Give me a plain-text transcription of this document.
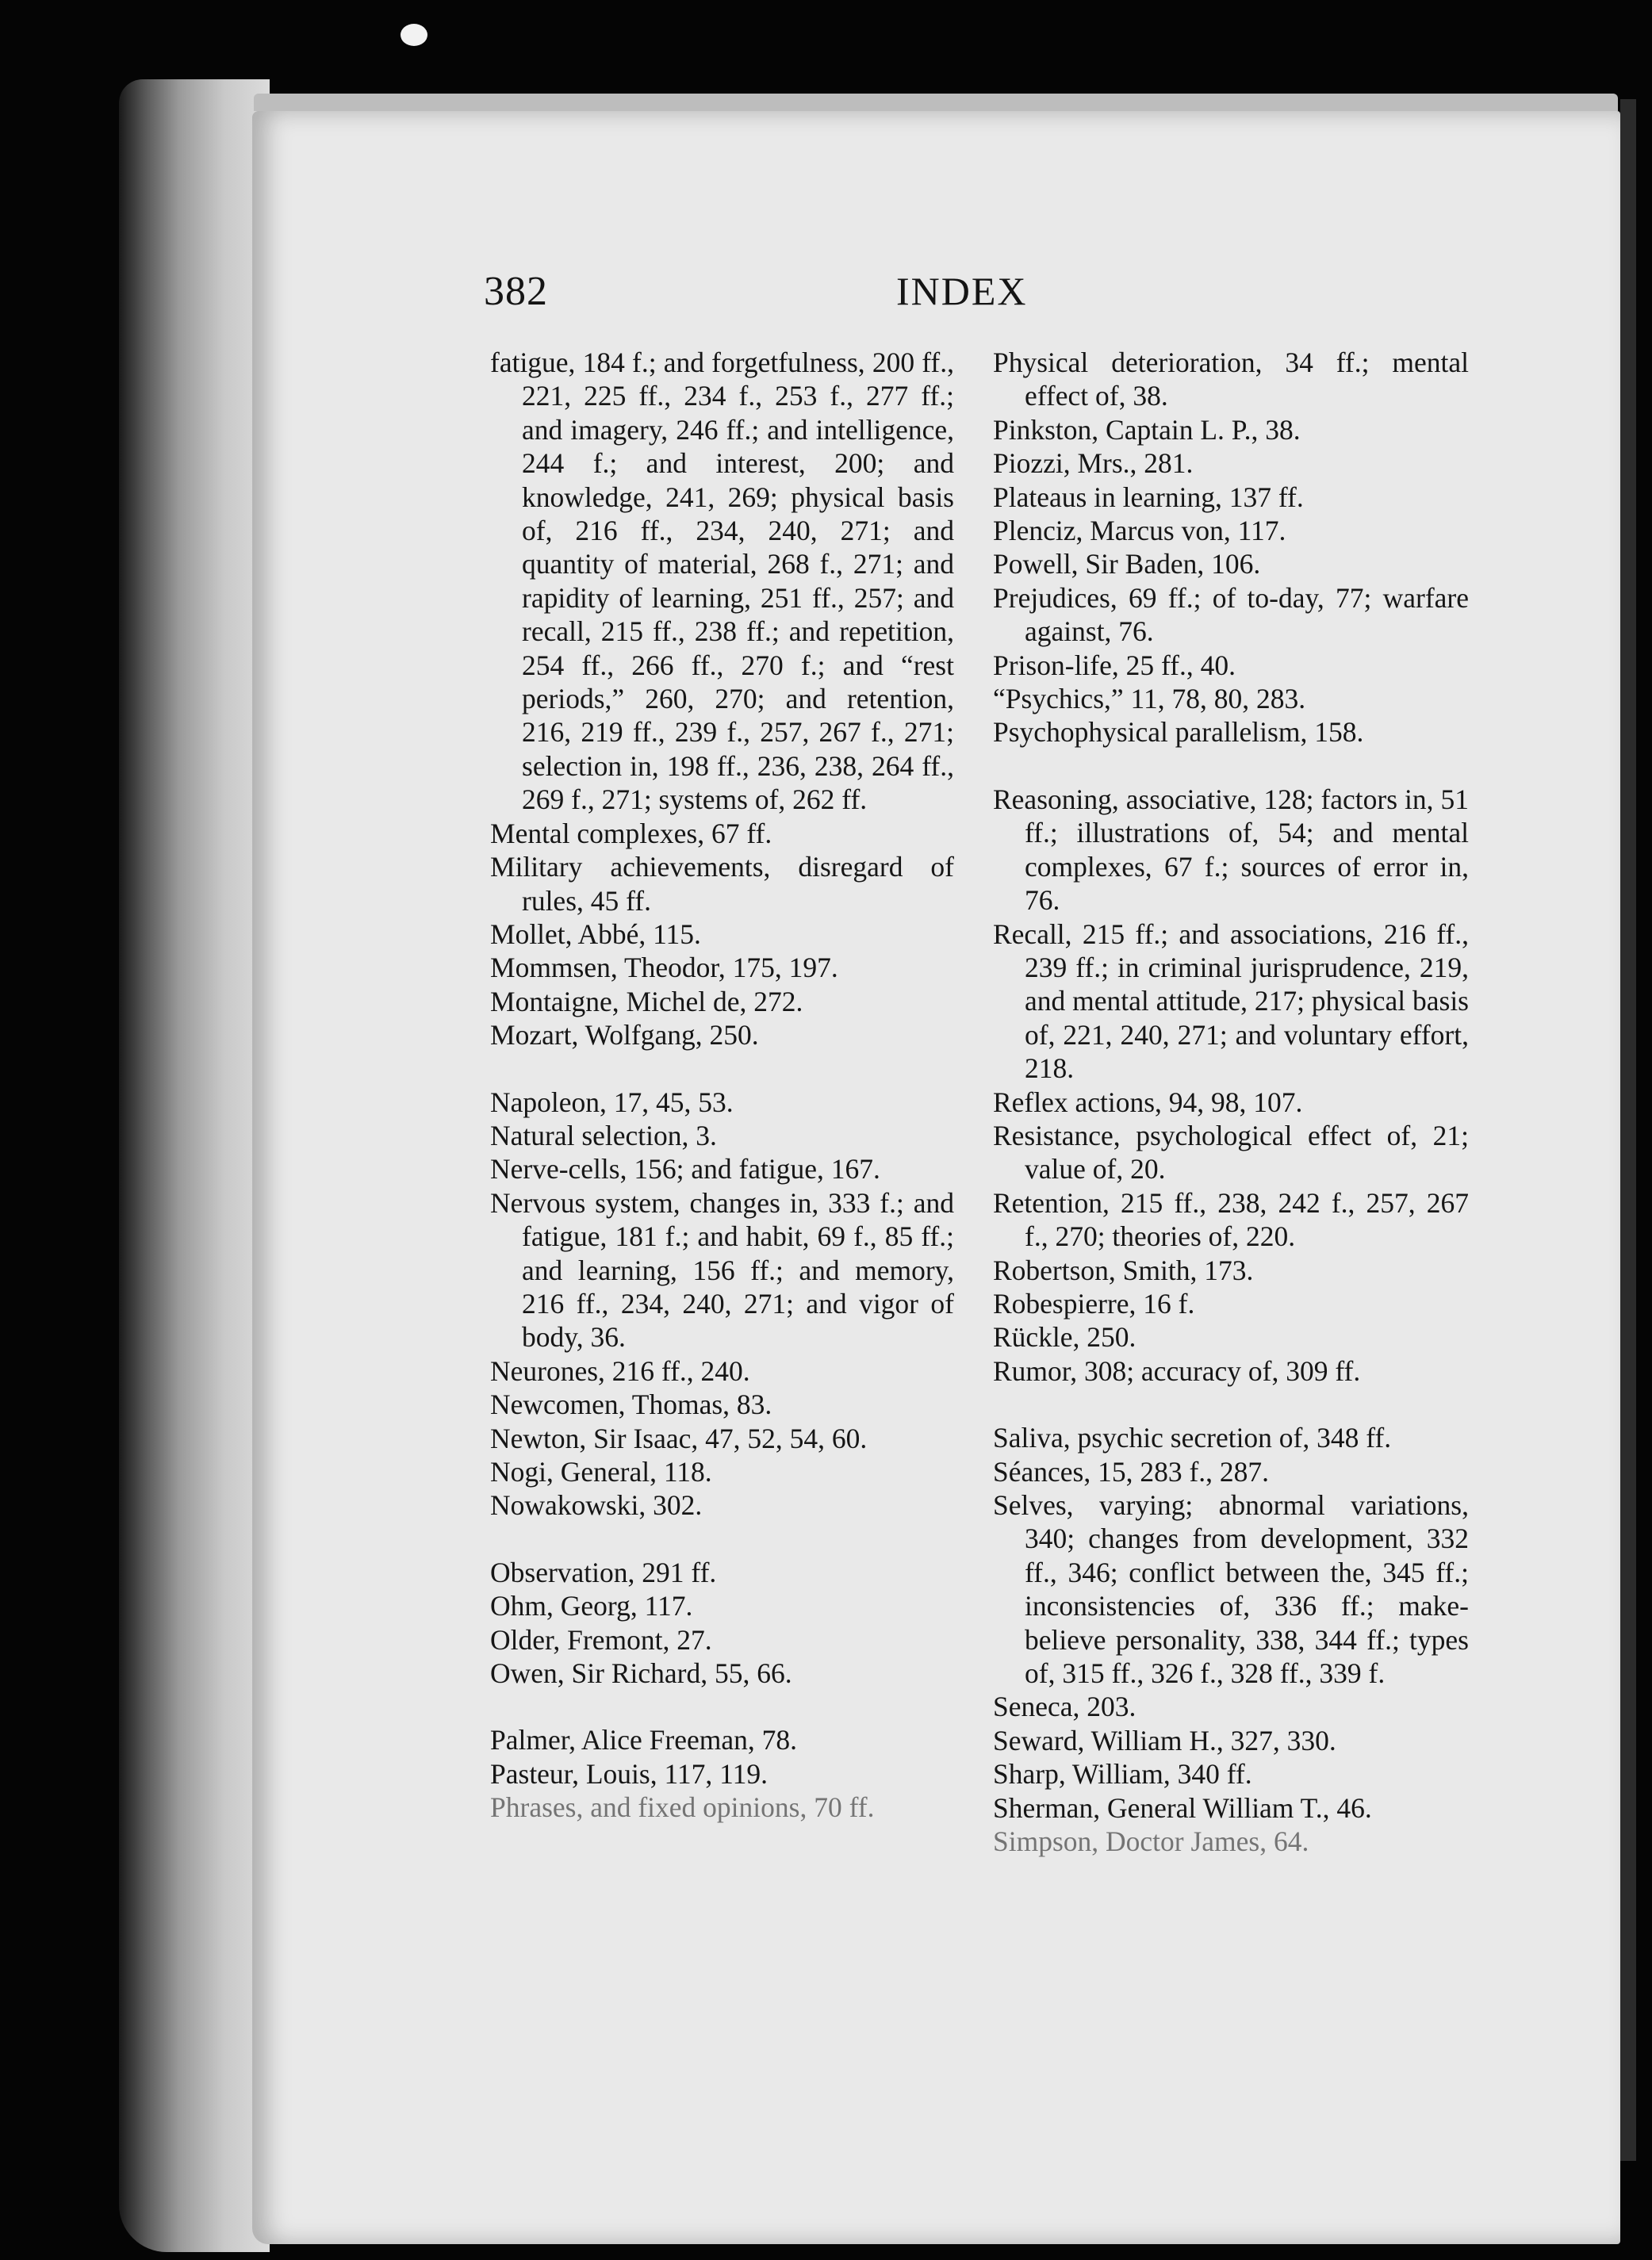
382	INDEX

fatigue, 184 f.; and forgetfulness, 200 ff., 221, 225 ff., 234 f., 253 f., 277 ff.; and imagery, 246 ff.; and intelligence, 244 f.; and interest, 200; and knowledge, 241, 269; physical basis of, 216 ff., 234, 240, 271; and quantity of material, 268 f., 271; and rapidity of learning, 251 ff., 257; and recall, 215 ff., 238 ff.; and repetition, 254 ff., 266 ff., 270 f.; and “rest periods,” 260, 270; and retention, 216, 219 ff., 239 f., 257, 267 f., 271; selection in, 198 ff., 236, 238, 264 ff., 269 f., 271; systems of, 262 ff.

Mental complexes, 67 ff.

Military achievements, disregard of rules, 45 ff.

Mollet, Abbé, 115.

Mommsen, Theodor, 175, 197.

Montaigne, Michel de, 272.

Mozart, Wolfgang, 250.

Napoleon, 17, 45, 53.

Natural selection, 3.

Nerve-cells, 156; and fatigue, 167.

Nervous system, changes in, 333 f.; and fatigue, 181 f.; and habit, 69 f., 85 ff.; and learning, 156 ff.; and memory, 216 ff., 234, 240, 271; and vigor of body, 36.

Neurones, 216 ff., 240.

Newcomen, Thomas, 83.

Newton, Sir Isaac, 47, 52, 54, 60.

Nogi, General, 118.

Nowakowski, 302.

Observation, 291 ff.

Ohm, Georg, 117.

Older, Fremont, 27.

Owen, Sir Richard, 55, 66.

Palmer, Alice Freeman, 78.

Pasteur, Louis, 117, 119.

Phrases, and fixed opinions, 70 ff.

Physical deterioration, 34 ff.; mental effect of, 38.

Pinkston, Captain L. P., 38.

Piozzi, Mrs., 281.

Plateaus in learning, 137 ff.

Plenciz, Marcus von, 117.

Powell, Sir Baden, 106.

Prejudices, 69 ff.; of to-day, 77; warfare against, 76.

Prison-life, 25 ff., 40.

“Psychics,” 11, 78, 80, 283.

Psychophysical parallelism, 158.

Reasoning, associative, 128; factors in, 51 ff.; illustrations of, 54; and mental complexes, 67 f.; sources of error in, 76.

Recall, 215 ff.; and associations, 216 ff., 239 ff.; in criminal jurisprudence, 219, and mental attitude, 217; physical basis of, 221, 240, 271; and voluntary effort, 218.

Reflex actions, 94, 98, 107.

Resistance, psychological effect of, 21; value of, 20.

Retention, 215 ff., 238, 242 f., 257, 267 f., 270; theories of, 220.

Robertson, Smith, 173.

Robespierre, 16 f.

Rückle, 250.

Rumor, 308; accuracy of, 309 ff.

Saliva, psychic secretion of, 348 ff.

Séances, 15, 283 f., 287.

Selves, varying; abnormal variations, 340; changes from development, 332 ff., 346; conflict between the, 345 ff.; inconsistencies of, 336 ff.; make-believe personality, 338, 344 ff.; types of, 315 ff., 326 f., 328 ff., 339 f.

Seneca, 203.

Seward, William H., 327, 330.

Sharp, William, 340 ff.

Sherman, General William T., 46.

Simpson, Doctor James, 64.
